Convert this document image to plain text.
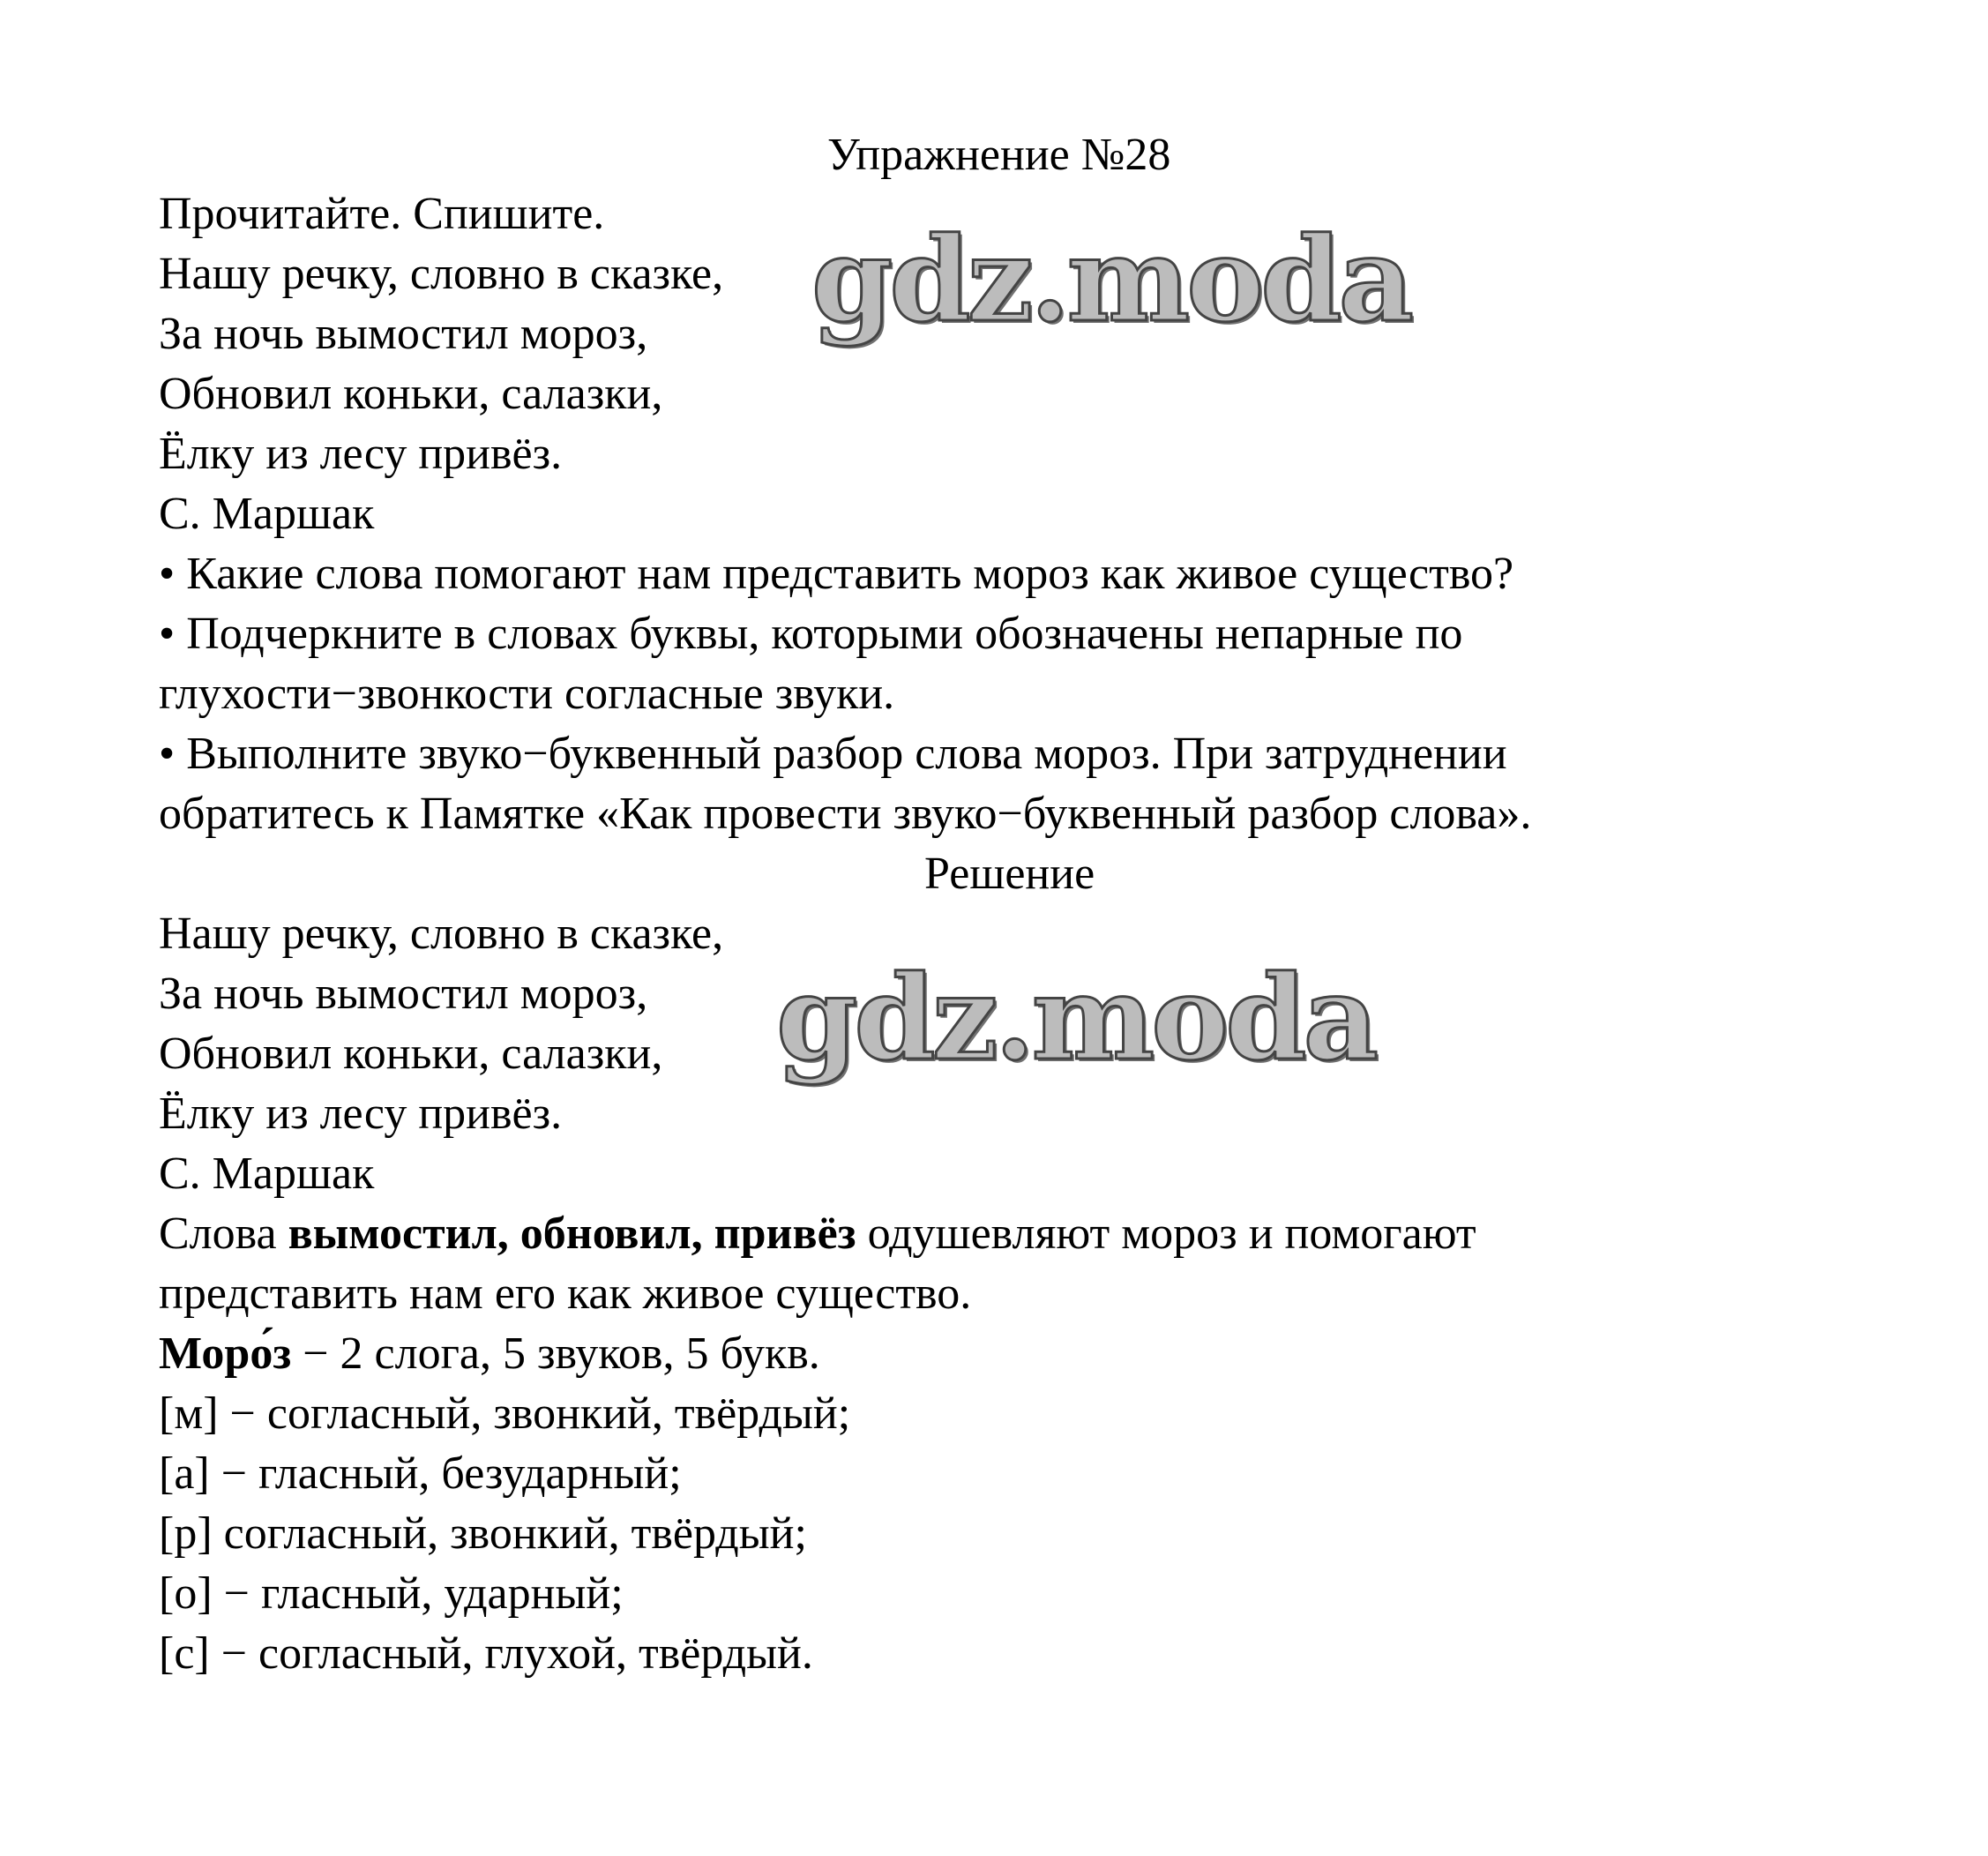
Упражнение №28
Прочитайте. Спишите.
Нашу речку, словно в сказке,
За ночь вымостил мороз,
Обновил коньки, салазки,
Ёлку из лесу привёз.
С. Маршак
• Какие слова помогают нам представить мороз как живое существо?
• Подчеркните в словах буквы, которыми обозначены непарные по
глухости−звонкости согласные звуки.
• Выполните звуко−буквенный разбор слова мороз. При затруднении
обратитесь к Памятке «Как провести звуко−буквенный разбор слова».
Решение
Нашу речку, словно в сказке,
За ночь вымостил мороз,
Обновил коньки, салазки,
Ёлку из лесу привёз.
С. Маршак
Слова вымостил, обновил, привёз одушевляют мороз и помогают
представить нам его как живое существо.
Моро́з − 2 слога, 5 звуков, 5 букв.
[м] − согласный, звонкий, твёрдый;
[а] − гласный, безударный;
[р] согласный, звонкий, твёрдый;
[о] − гласный, ударный;
[с] − согласный, глухой, твёрдый.
gdz.moda
gdz.moda
